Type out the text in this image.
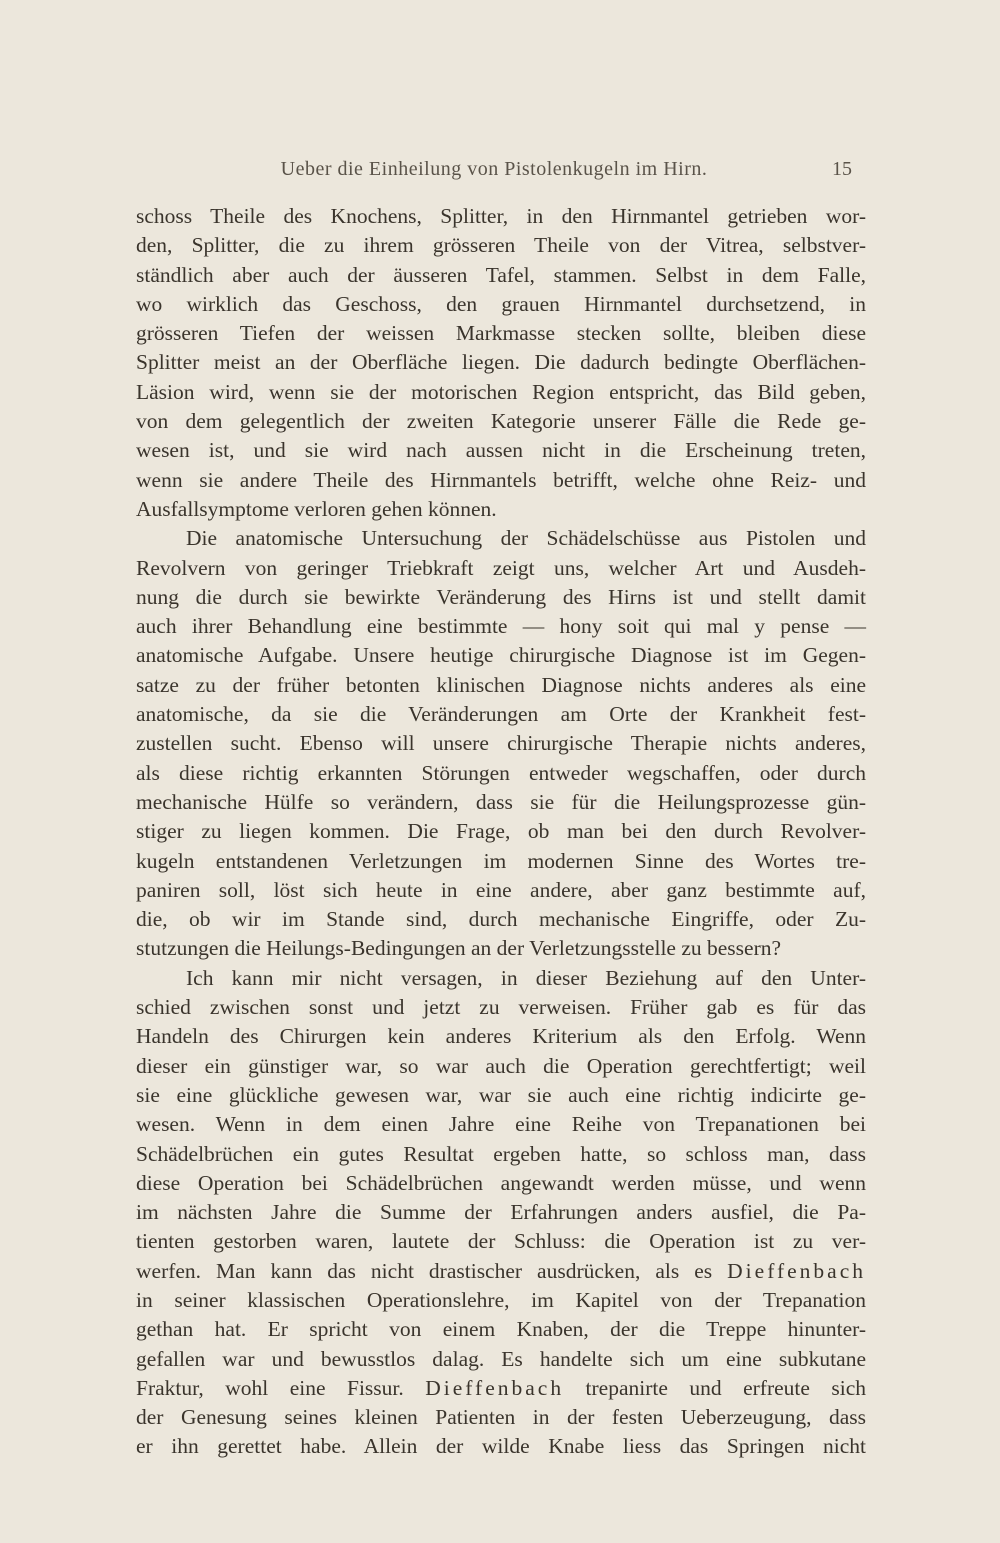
Ueber die Einheilung von Pistolenkugeln im Hirn.	15
schoss Theile des Knochens, Splitter, in den Hirnmantel getrieben wor-
den, Splitter, die zu ihrem grösseren Theile von der Vitrea, selbstver-
ständlich aber auch der äusseren Tafel, stammen. Selbst in dem Falle,
wo wirklich das Geschoss, den grauen Hirnmantel durchsetzend, in
grösseren Tiefen der weissen Markmasse stecken sollte, bleiben diese
Splitter meist an der Oberfläche liegen. Die dadurch bedingte Oberflächen-
Läsion wird, wenn sie der motorischen Region entspricht, das Bild geben,
von dem gelegentlich der zweiten Kategorie unserer Fälle die Rede ge-
wesen ist, und sie wird nach aussen nicht in die Erscheinung treten,
wenn sie andere Theile des Hirnmantels betrifft, welche ohne Reiz- und
Ausfallsymptome verloren gehen können.
Die anatomische Untersuchung der Schädelschüsse aus Pistolen und
Revolvern von geringer Triebkraft zeigt uns, welcher Art und Ausdeh-
nung die durch sie bewirkte Veränderung des Hirns ist und stellt damit
auch ihrer Behandlung eine bestimmte — hony soit qui mal y pense —
anatomische Aufgabe. Unsere heutige chirurgische Diagnose ist im Gegen-
satze zu der früher betonten klinischen Diagnose nichts anderes als eine
anatomische, da sie die Veränderungen am Orte der Krankheit fest-
zustellen sucht. Ebenso will unsere chirurgische Therapie nichts anderes,
als diese richtig erkannten Störungen entweder wegschaffen, oder durch
mechanische Hülfe so verändern, dass sie für die Heilungsprozesse gün-
stiger zu liegen kommen. Die Frage, ob man bei den durch Revolver-
kugeln entstandenen Verletzungen im modernen Sinne des Wortes tre-
paniren soll, löst sich heute in eine andere, aber ganz bestimmte auf,
die, ob wir im Stande sind, durch mechanische Eingriffe, oder Zu-
stutzungen die Heilungs-Bedingungen an der Verletzungsstelle zu bessern?
Ich kann mir nicht versagen, in dieser Beziehung auf den Unter-
schied zwischen sonst und jetzt zu verweisen. Früher gab es für das
Handeln des Chirurgen kein anderes Kriterium als den Erfolg. Wenn
dieser ein günstiger war, so war auch die Operation gerechtfertigt; weil
sie eine glückliche gewesen war, war sie auch eine richtig indicirte ge-
wesen. Wenn in dem einen Jahre eine Reihe von Trepanationen bei
Schädelbrüchen ein gutes Resultat ergeben hatte, so schloss man, dass
diese Operation bei Schädelbrüchen angewandt werden müsse, und wenn
im nächsten Jahre die Summe der Erfahrungen anders ausfiel, die Pa-
tienten gestorben waren, lautete der Schluss: die Operation ist zu ver-
werfen. Man kann das nicht drastischer ausdrücken, als es Dieffenbach
in seiner klassischen Operationslehre, im Kapitel von der Trepanation
gethan hat. Er spricht von einem Knaben, der die Treppe hinunter-
gefallen war und bewusstlos dalag. Es handelte sich um eine subkutane
Fraktur, wohl eine Fissur. Dieffenbach trepanirte und erfreute sich
der Genesung seines kleinen Patienten in der festen Ueberzeugung, dass
er ihn gerettet habe. Allein der wilde Knabe liess das Springen nicht
